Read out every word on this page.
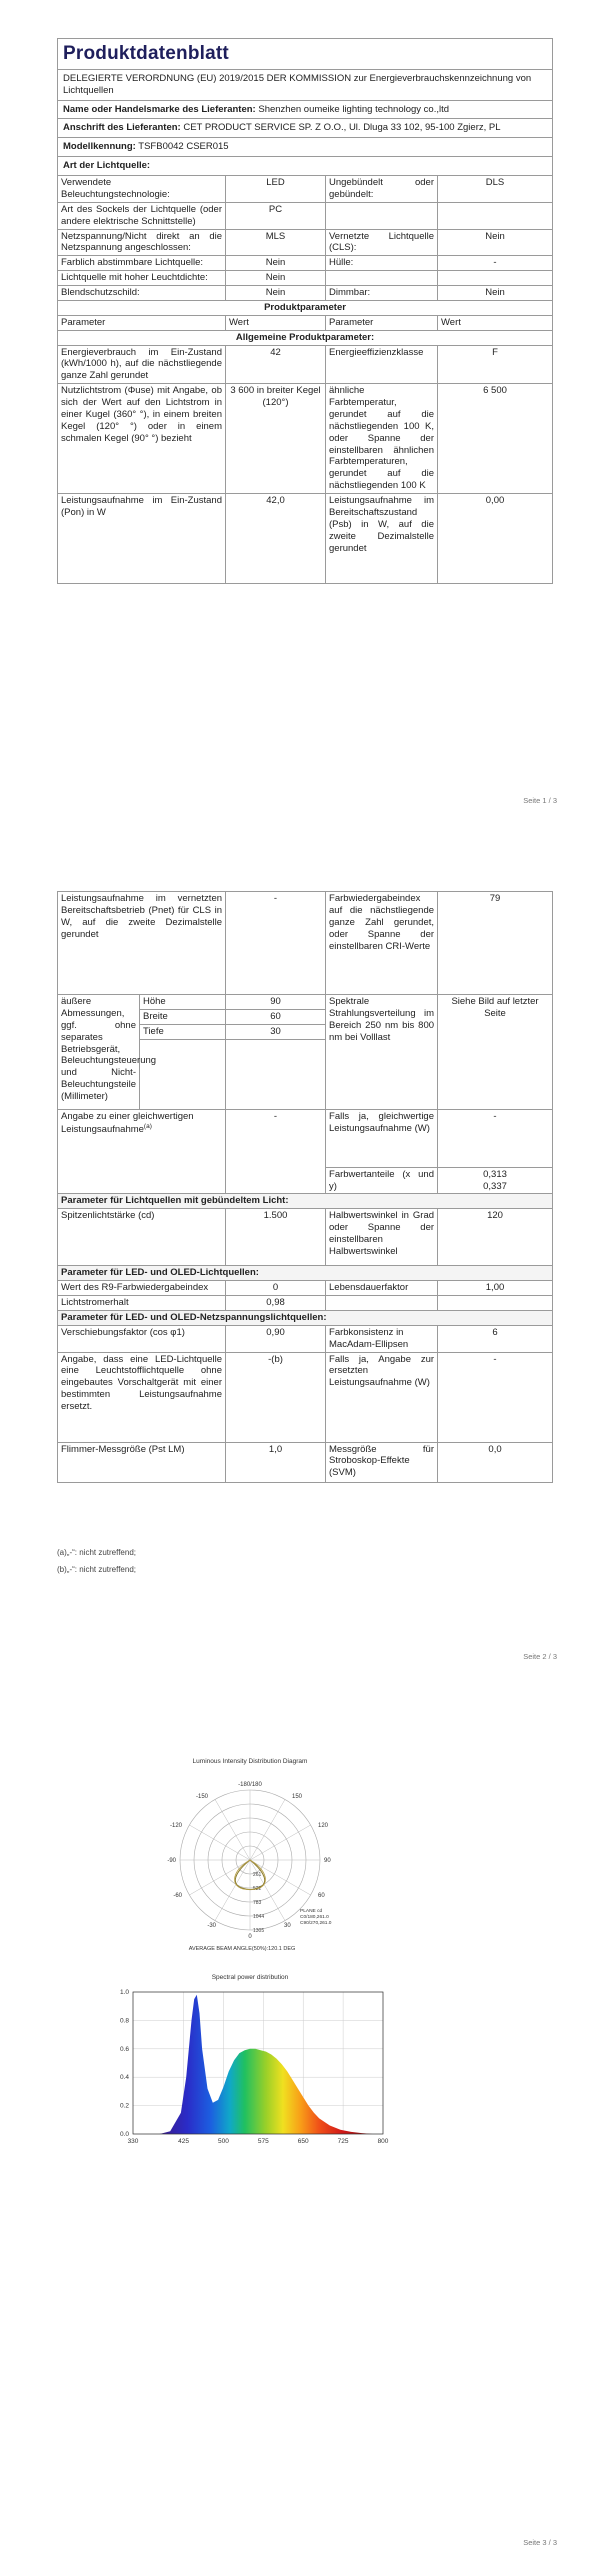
Produktdatenblatt			
DELEGIERTE VERORDNUNG (EU) 2019/2015 DER KOMMISSION zur Energieverbrauchskennzeichnung von Lichtquellen			
Name oder Handelsmarke des Lieferanten: Shenzhen oumeike lighting technology co.,ltd			
Anschrift des Lieferanten: CET PRODUCT SERVICE SP. Z O.O., Ul. Dluga 33 102, 95-100 Zgierz, PL			
Modellkennung: TSFB0042 CSER015			
Art der Lichtquelle:			
Verwendete Beleuchtungstechnologie:	LED	Ungebündelt oder gebündelt:	DLS
Art des Sockels der Lichtquelle (oder andere elektrische Schnittstelle)	PC		
Netzspannung/Nicht direkt an die Netzspannung angeschlossen:	MLS	Vernetzte Lichtquelle (CLS):	Nein
Farblich abstimmbare Lichtquelle:	Nein	Hülle:	-
Lichtquelle mit hoher Leuchtdichte:	Nein		
Blendschutzschild:	Nein	Dimmbar:	Nein
Produktparameter			
Parameter	Wert	Parameter	Wert
Allgemeine Produktparameter:			
Energieverbrauch im Ein-Zustand (kWh/1000 h), auf die nächstliegende ganze Zahl gerundet	42	Energieeffizienzklasse	F
Nutzlichtstrom (Φuse) mit Angabe, ob sich der Wert auf den Lichtstrom in einer Kugel (360° °), in einem breiten Kegel (120° °) oder in einem schmalen Kegel (90° °) bezieht	3 600 in breiter Kegel (120°)	ähnliche Farbtemperatur, gerundet auf die nächstliegenden 100 K, oder Spanne der einstellbaren ähnlichen Farbtemperaturen, gerundet auf die nächstliegenden 100 K	6 500
Leistungsaufnahme im Ein-Zustand (Pon) in W	42,0	Leistungsaufnahme im Bereitschaftszustand (Psb) in W, auf die zweite Dezimalstelle gerundet	0,00
Seite 1 / 3
Leistungsaufnahme im vernetzten Bereitschaftsbetrieb (Pnet) für CLS in W, auf die zweite Dezimalstelle gerundet		-	Farbwiedergabeindex auf die nächstliegende ganze Zahl gerundet, oder Spanne der einstellbaren CRI-Werte	79
äußere Abmessungen, ggf. ohne separates Betriebsgerät, Beleuchtungsteuerung und Nicht-Beleuchtungsteile (Millimeter)	Höhe	90	Spektrale Strahlungsverteilung im Bereich 250 nm bis 800 nm bei Volllast	Siehe Bild auf letzter Seite
	Breite	60		
	Tiefe	30		

Angabe zu einer gleichwertigen Leistungsaufnahme$^{(a)}$		-	Falls ja, gleichwertige Leistungsaufnahme (W)	-
			Farbwertanteile (x und y)	0,313
0,337

Parameter für Lichtquellen mit gebündeltem Licht:				
Spitzenlichtstärke (cd)		1.500	Halbwertswinkel in Grad oder Spanne der einstellbaren Halbwertswinkel	120
Parameter für LED- und OLED-Lichtquellen:				
Wert des R9-Farbwiedergabeindex		0	Lebensdauerfaktor	1,00
Lichtstromerhalt		0,98		
Parameter für LED- und OLED-Netzspannungslichtquellen:				
Verschiebungsfaktor (cos φ1)		0,90	Farbkonsistenz in MacAdam-Ellipsen	6
Angabe, dass eine LED-Lichtquelle eine Leuchtstofflichtquelle ohne eingebautes Vorschaltgerät mit einer bestimmten Leistungsaufnahme ersetzt.		-(b)	Falls ja, Angabe zur ersetzten Leistungsaufnahme (W)	-
Flimmer-Messgröße (Pst LM)		1,0	Messgröße für Stroboskop-Effekte (SVM)	0,0
(a)„-“: nicht zutreffend;
(b)„-“: nicht zutreffend;
Seite 2 / 3
Luminous Intensity Distribution Diagram
-180/180
-150	150
-120	120
-90	90
-60	60
-30	30
0
261
522
783
1044
1305
PLANE cd
C0/180,261.0
C90/270,261.0
AVERAGE BEAM ANGLE(50%):120.1 DEG
Spectral power distribution
330	425	500	575	650	725	800
0.0
0.2
0.4
0.6
0.8
1.0
Seite 3 / 3
